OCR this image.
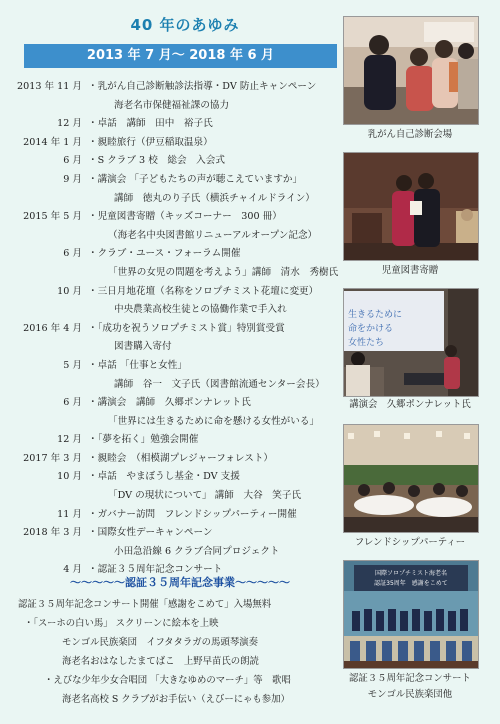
40 年のあゆみ
2013 年 7 月〜 2018 年 6 月
2013 年 11 月 ・乳がん自己診断触診法指導・DV 防止キャンペーン
海老名市保健福祉課の協力
12 月 ・卓話　講師　田中　裕子氏
2014 年 1 月 ・親睦旅行（伊豆稲取温泉）
6 月 ・S クラブ 3 校　総会　入会式
9 月 ・講演会 「子どもたちの声が聴こえていますか」
講師　徳丸のり子氏（横浜チャイルドライン）
2015 年 5 月 ・児童図書寄贈（キッズコーナー　300 冊）
（海老名中央図書館リニューアルオープン記念）
6 月 ・クラブ・ユース・フォーラム開催
「世界の女児の問題を考えよう」講師　清水　秀樹氏
10 月 ・三日月地花壇（名称をソロプチミスト花壇に変更）
中央農業高校生徒との協働作業で手入れ
2016 年 4 月 ・「成功を祝うソロプチミスト賞」特別賞受賞
図書購入寄付
5 月 ・卓話 「仕事と女性」
講師　谷一　文子氏（図書館流通センター会長）
6 月 ・講演会　講師　久郷ポンナレット氏
「世界には生きるために命を懸ける女性がいる」
12 月 ・「夢を拓く」勉強会開催
2017 年 3 月 ・親睦会　（相模湖プレジャーフォレスト）
10 月 ・卓話　やまぼうし基金・DV 支援
「DV の現状について」 講師　大谷　笑子氏
11 月 ・ガバナー訪問　フレンドシップパーティー開催
2018 年 3 月 ・国際女性デーキャンペーン
小田急沿線 6 クラブ合同プロジェクト
4 月 ・認証３５周年記念コンサート
〜〜〜〜〜認証３５周年記念事業〜〜〜〜〜
認証３５周年記念コンサート開催「感謝をこめて」入場無料
・「スーホの白い馬」 スクリーンに絵本を上映
モンゴル民族楽団　イフタタラガの馬頭琴演奏
海老名おはなしたまてばこ　上野早苗氏の朗読
・えびな少年少女合唱団 「大きなゆめのマーチ」等　歌唱
海老名高校 S クラブがお手伝い（えびーにゃも参加）
乳がん自己診断会場
児童図書寄贈
生きるために
命をかける
女性たち
講演会　久郷ポンナレット氏
フレンドシップパーティー
国際ソロプチミスト海老名
認証35周年　感謝をこめて
認証３５周年記念コンサート
モンゴル民族楽団他
